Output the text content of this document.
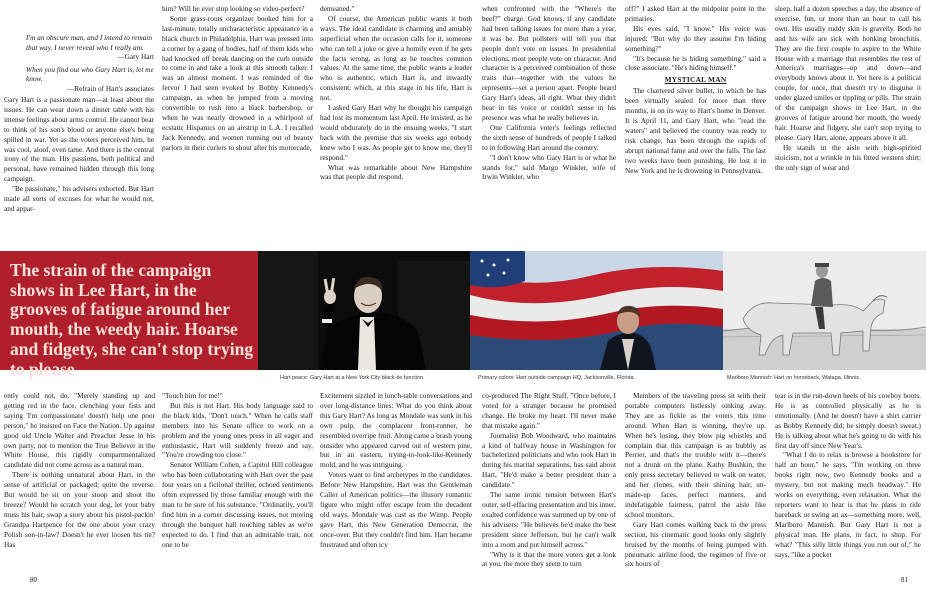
I'm an obscure man, and I intend to remain that way. I never reveal who I really am.
—Gary Hart
When you find out who Gary Hart is, let me know.
—Refrain of Hart's associates

Gary Hart is a passionate man—at least about the issues. He can wear down a dinner table with his intense feelings about arms control. He cannot bear to think of his son's blood or anyone else's being spilled in war. Yet as the voters perceived him, he was cool, aloof, even tame. And there is the central irony of the man. His passions, both political and personal, have remained hidden through this long campaign.

"Be passionate," his advisers exhorted. But Hart made all sorts of excuses for what he would not, and appar-

him? Will he ever stop looking so video-perfect?

Some grass-roots organizer booked him for a last-minute, totally uncharacteristic appearance in a black church in Philadelphia. Hart was pressed into a corner by a gang of bodies, half of them kids who had knocked off break dancing on the curb outside to come in and take a look at this smooth talker. I was an almost moment. I was reminded of the fervor I had seen evoked by Bobby Kennedy's campaign, as when he jumped from a moving convertible to rush into a black barbershop, or when he was nearly drowned in a whirlpool of ecstatic Hispanics on an airstrip in L.A. I recalled Jack Kennedy, and women running out of beauty parlors in their curlers to shout after his motorcade,

demeaned."

Of course, the American public wants it both ways. The ideal candidate is charming and amiably superficial when the occasion calls for it, someone who can tell a joke or give a homily even if he gets the facts wrong, as long as he touches common values. At the same time, the public wants a leader who is authentic, which Hart is, and inwardly consistent, which, at this stage in his life, Hart is not.

I asked Gary Hart why he thought his campaign had lost its momentum last April. He insisted, as he would obdurately do in the ensuing weeks, "I start back with the premise that six weeks ago nobody knew who I was. As people get to know me, they'll respond."

What was remarkable about New Hampshire was that people did respond.

when confronted with the "Where's the beef?" charge. God knows, if any candidate had been talking issues for more than a year, it was he. But pollsters will tell you that people don't vote on issues. In presidential elections, most people vote on character. And character is a perceived combination of those traits that—together with the values he represents—set a person apart. People heard Gary Hart's ideas, all right. What they didn't hear in his voice or couldn't sense in his presence was what he really believes in.

One California voter's feelings reflected the sixth sense of hundreds of people I talked to in following Hart around the country.

"I don't know who Gary Hart is or what he stands for," said Margo Winkler, wife of Irwin Winkler, who

off?" I asked Hart at the midpoint point in the primaries.

His eyes said, "I know." His voice was injured: "But why do they assume I'm hiding something?"

"It's because he is hiding something," said a close associate. "He's hiding himself."

MYSTICAL MAN

The chartered silver bullet, in which he has been virtually sealed for more than three months, is on its way to Hart's home in Denver. It is April 11, and Gary Hart, who "read the waters" and believed the country was ready to risk change, has been through the rapids of abrupt national fame and over the falls. The last two weeks have been punishing. He lost it in New York and he is drowning in Pennsylvania.

sleep, half a dozen speeches a day, the absence of exercise, fun, or more than an hour to call his own. His usually ruddy skin is gravelly. Both he and his wife are sick with honking bronchitis. They are the first couple to aspire to the White House with a marriage that resembles the rest of America's marriages—up and down—and everybody knows about it. Yet here is a political couple, for once, that doesn't try to disguise it under glazed smiles or tippling or pills. The strain of the campaign shows in Lee Hart, in the grooves of fatigue around her mouth, the weedy hair. Hoarse and fidgety, she can't stop trying to please. Gary Hart, alone, appears above it all.

He stands in the aisle with high-spirited stoicism, not a wrinkle in his fitted western shirt; the only sign of wear and

The strain of the campaign shows in Lee Hart, in the grooves of fatigue around her mouth, the weedy hair. Hoarse and fidgety, she can't stop trying to please	Hart peace: Gary Hart at a New York City black-tie function.	Primary colors: Hart outside campaign HQ, Jacksonville, Florida.	Marlboro Mannish: Hart on horseback, Wataga, Illinois.

ently could not, do. "Merely standing up and getting red in the face, clenching your fists and saying 'I'm compassionate' doesn't help one poor person," he insisted on Face the Nation. Up against good old Uncle Walter and Preacher Jesse in his own party, not to mention the True Believer in the White House, this rigidly compartmentalized candidate did not come across as a natural man.

There is nothing unnatural about Hart, in the sense of artificial or packaged; quite the reverse. But would he sit on your stoop and shoot the breeze? Would he scratch your dog, let your baby muss his hair, swap a story about his pistol-packin' Grandpa Hartpence for the one about your crazy Polish son-in-law? Doesn't he ever loosen his tie? Has

"Touch him for me!"

But this is not Hart. His body language said to the black kids, "Don't touch." When he calls staff members into his Senate office to work on a problem and the young ones press in all eager and enthusiastic, Hart will suddenly freeze and say, "You're crowding too close."

Senator William Cohen, a Capitol Hill colleague who has been collaborating with Hart over the past four years on a fictional thriller, echoed sentiments often expressed by those familiar enough with the man to be sure of his substance. "Ordinarily, you'll find him in a corner discussing issues, not moving through the banquet hall touching tables as we're expected to do. I find that an admirable trait, not one to be

Excitement sizzled in lunch-table conversations and over long-distance lines: What do you think about this Gary Hart? As long as Mondale was sunk in his own pulp, the complacent front-runner, he resembled overripe fruit. Along came a brash young outsider who appeared carved out of western pine, but in an eastern, trying-to-look-like-Kennedy mold, and he was intriguing.

Voters want to find archetypes in the candidates. Before New Hampshire, Hart was the Gentleman Caller of American politics—the illusory romantic figure who might offer escape from the decadent old ways. Mondale was cast as the Wimp. People gave Hart, this New Generation Democrat, the once-over. But they couldn't find him. Hart became frustrated and often icy

co-produced The Right Stuff. "Once before, I voted for a stranger because he promised change. He broke my heart. I'll never make that mistake again."

Journalist Bob Woodward, who maintains a kind of halfway house in Washington for bachelorized politicians and who took Hart in during his marital separations, has said about Hart, "He'd make a better president than a candidate."

The same ironic tension between Hart's outer, self-effacing presentation and his inner, exalted confidence was summed up by one of his advisers: "He believes he'd make the best president since Jefferson, but he can't walk into a room and put himself across."

"Why is it that the more voters get a look at you, the more they seem to turn

Members of the traveling press sit with their portable computers listlessly oinking away. They are as fickle as the voters this time around. When Hart is winning, they're up. When he's losing, they blow pig whistles and complain that this campaign is as bubbly as Perrier, and that's the trouble with it—there's not a drunk on the plane. Kathy Bushkin, the only press secretary believed to walk on water, and her clones, with their shining hair, un-made-up faces, perfect manners, and indefatigable fairness, patrol the aisle like school monitors.

Gary Hart comes walking back to the press section, his cinematic good looks only slightly bruised by the months of being pumped with pneumatic airline food, the regimen of five or six hours of

tear is in the run-down heels of his cowboy boots. He is as controlled physically as he is emotionally. (And he doesn't have a shirt carrier as Bobby Kennedy did; he simply doesn't sweat.) He is talking about what he's going to do with his first day off since New Year's.

"What I do to relax is browse a bookstore for half an hour," he says. "I'm working on three books right now, two Kennedy books and a mystery, but not making much headway." He works on everything, even relaxation. What the reporters want to hear is that he plans to ride bareback or swing an ax—something more, well, Marlboro Mannish. But Gary Hart is not a physical man. He plans, in fact, to shop. For what? "This silly little things you run out of," he says, "like a pocket

80	81
